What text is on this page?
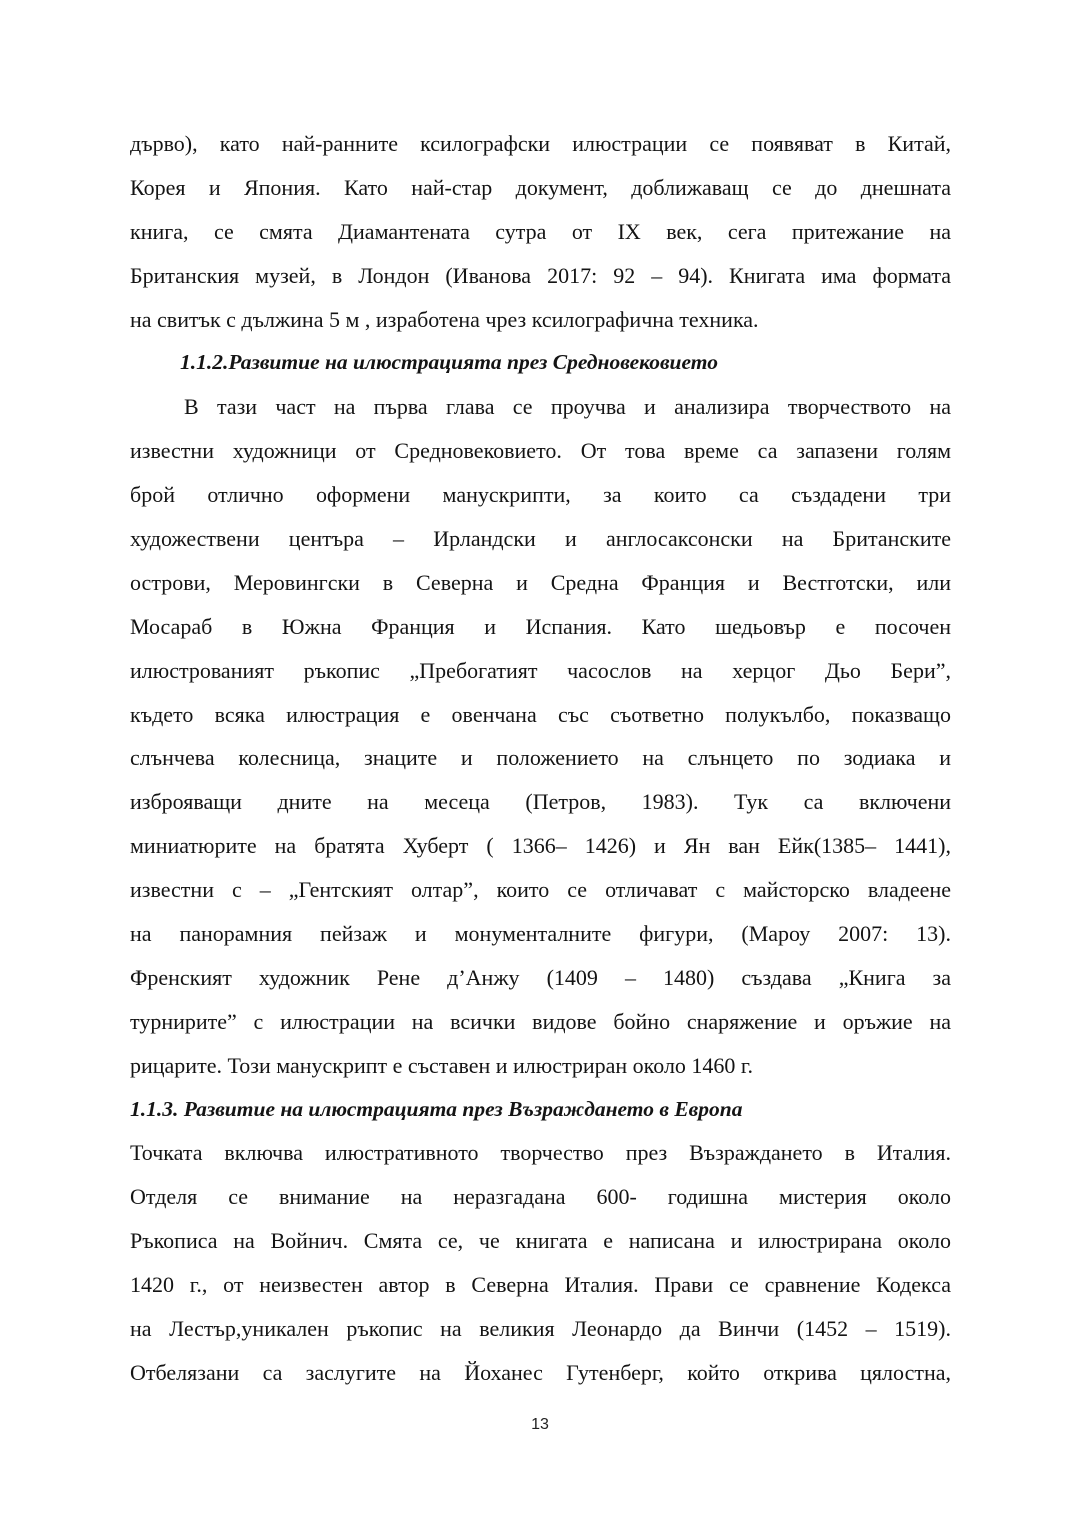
дърво), като най-ранните ксилографски илюстрации се появяват в Китай,
Корея и Япония. Като най-стар документ, доближаващ се до днешната
книга, се смята Диамантената сутра от IX век, сега притежание на
Британския музей, в Лондон (Иванова 2017: 92 – 94). Книгата има формата
на свитък с дължина 5 м , изработена чрез ксилографична техника.
1.1.2.Развитие на илюстрацията през Средновековието
В тази част на първа глава се проучва и анализира творчеството на
известни художници от Средновековието. От това време са запазени голям
брой отлично оформени манускрипти, за които са създадени три
художествени центъра – Ирландски и англосаксонски на Британските
острови, Меровингски в Северна и Средна Франция и Вестготски, или
Мосараб в Южна Франция и Испания. Като шедьовър е посочен
илюстрованият ръкопис „Пребогатият часослов на херцог Дьо Бери”,
където всяка илюстрация е овенчана със съответно полукълбо, показващо
слънчева колесница, знаците и положението на слънцето по зодиака и
изброяващи дните на месеца (Петров, 1983). Тук са включени
миниатюрите на братята Хуберт ( 1366– 1426) и Ян ван Ейк(1385– 1441),
известни с – „Гентският олтар”, които се отличават с майсторско владеене
на панорамния пейзаж и монументалните фигури, (Мароу 2007: 13).
Френският художник Рене д’Анжу (1409 – 1480) създава „Книга за
турнирите” с илюстрации на всички видове бойно снаряжение и оръжие на
рицарите. Този манускрипт е съставен и илюстриран около 1460 г.
1.1.3. Развитие на илюстрацията през Възраждането в Европа
Точката включва илюстративното творчество през Възраждането в Италия.
Отделя се внимание на неразгадана 600- годишна мистерия около
Ръкописа на Войнич. Смята се, че книгата е написана и илюстрирана около
1420 г., от неизвестен автор в Северна Италия. Прави се сравнение Кодекса
на Лестър,уникален ръкопис на великия Леонардо да Винчи (1452 – 1519).
Отбелязани са заслугите на Йоханес Гутенберг, който открива цялостна,
13
